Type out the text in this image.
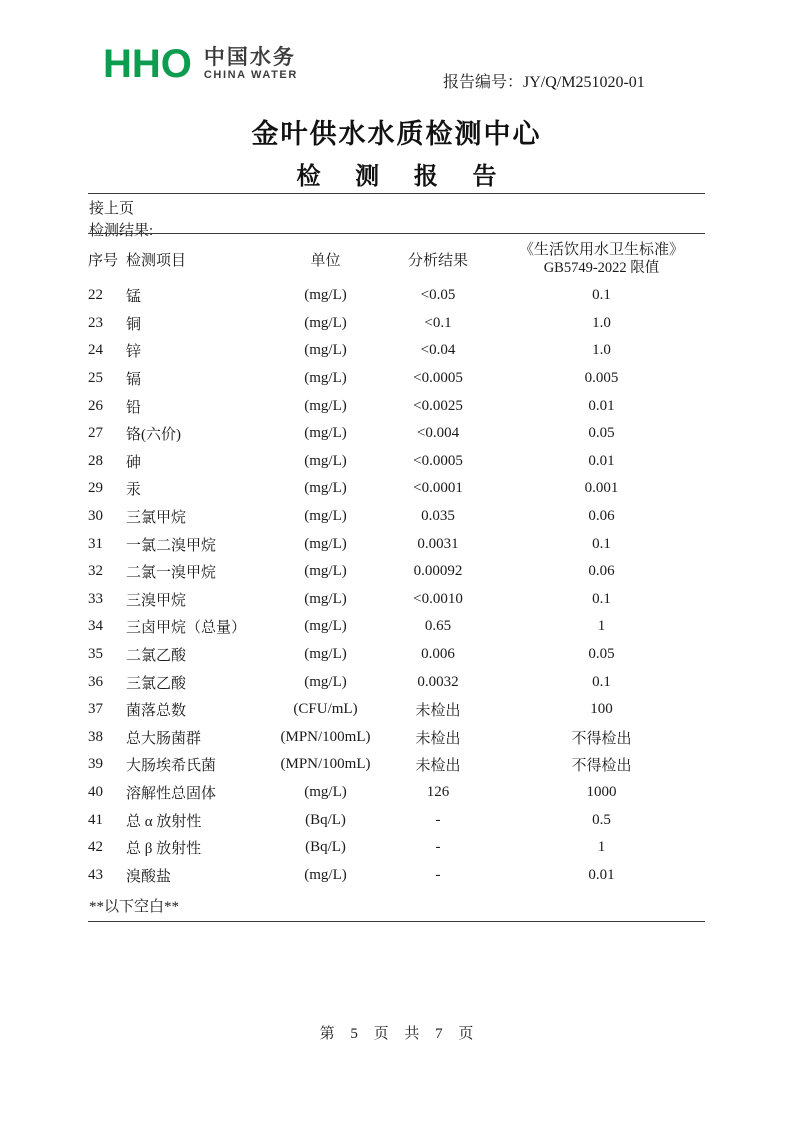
HHO 中国水务
CHINA WATER	报告编号：JY/Q/M251020-01
金叶供水水质检测中心
检 测 报 告
接上页
检测结果:
序号	检测项目	单位	分析结果	《生活饮用水卫生标准》
GB5749-2022 限值

22	锰	(mg/L)	<0.05	0.1
23	铜	(mg/L)	<0.1	1.0
24	锌	(mg/L)	<0.04	1.0
25	镉	(mg/L)	<0.0005	0.005
26	铅	(mg/L)	<0.0025	0.01
27	铬(六价)	(mg/L)	<0.004	0.05
28	砷	(mg/L)	<0.0005	0.01
29	汞	(mg/L)	<0.0001	0.001
30	三氯甲烷	(mg/L)	0.035	0.06
31	一氯二溴甲烷	(mg/L)	0.0031	0.1
32	二氯一溴甲烷	(mg/L)	0.00092	0.06
33	三溴甲烷	(mg/L)	<0.0010	0.1
34	三卤甲烷（总量）	(mg/L)	0.65	1
35	二氯乙酸	(mg/L)	0.006	0.05
36	三氯乙酸	(mg/L)	0.0032	0.1
37	菌落总数	(CFU/mL)	未检出	100
38	总大肠菌群	(MPN/100mL)	未检出	不得检出
39	大肠埃希氏菌	(MPN/100mL)	未检出	不得检出
40	溶解性总固体	(mg/L)	126	1000
41	总 α 放射性	(Bq/L)	-	0.5
42	总 β 放射性	(Bq/L)	-	1
43	溴酸盐	(mg/L)	-	0.01
**以下空白**
第 5 页 共 7 页
